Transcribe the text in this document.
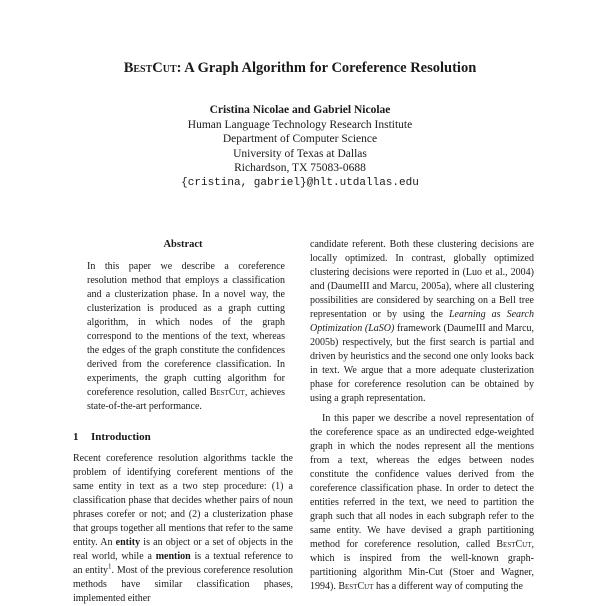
BestCut: A Graph Algorithm for Coreference Resolution
Cristina Nicolae and Gabriel Nicolae
Human Language Technology Research Institute
Department of Computer Science
University of Texas at Dallas
Richardson, TX 75083-0688
{cristina, gabriel}@hlt.utdallas.edu
Abstract

In this paper we describe a coreference resolution method that employs a classification and a clusterization phase. In a novel way, the clusterization is produced as a graph cutting algorithm, in which nodes of the graph correspond to the mentions of the text, whereas the edges of the graph constitute the confidences derived from the coreference classification. In experiments, the graph cutting algorithm for coreference resolution, called BestCut, achieves state-of-the-art performance.

1 Introduction

Recent coreference resolution algorithms tackle the problem of identifying coreferent mentions of the same entity in text as a two step procedure: (1) a classification phase that decides whether pairs of noun phrases corefer or not; and (2) a clusterization phase that groups together all mentions that refer to the same entity. An entity is an object or a set of objects in the real world, while a mention is a textual reference to an entity$^1$. Most of the previous coreference resolution methods have similar classification phases, implemented either

candidate referent. Both these clustering decisions are locally optimized. In contrast, globally optimized clustering decisions were reported in (Luo et al., 2004) and (DaumeIII and Marcu, 2005a), where all clustering possibilities are considered by searching on a Bell tree representation or by using the Learning as Search Optimization (LaSO) framework (DaumeIII and Marcu, 2005b) respectively, but the first search is partial and driven by heuristics and the second one only looks back in text. We argue that a more adequate clusterization phase for coreference resolution can be obtained by using a graph representation.

In this paper we describe a novel representation of the coreference space as an undirected edge-weighted graph in which the nodes represent all the mentions from a text, whereas the edges between nodes constitute the confidence values derived from the coreference classification phase. In order to detect the entities referred in the text, we need to partition the graph such that all nodes in each subgraph refer to the same entity. We have devised a graph partitioning method for coreference resolution, called BestCut, which is inspired from the well-known graph-partitioning algorithm Min-Cut (Stoer and Wagner, 1994). BestCut has a different way of computing the
